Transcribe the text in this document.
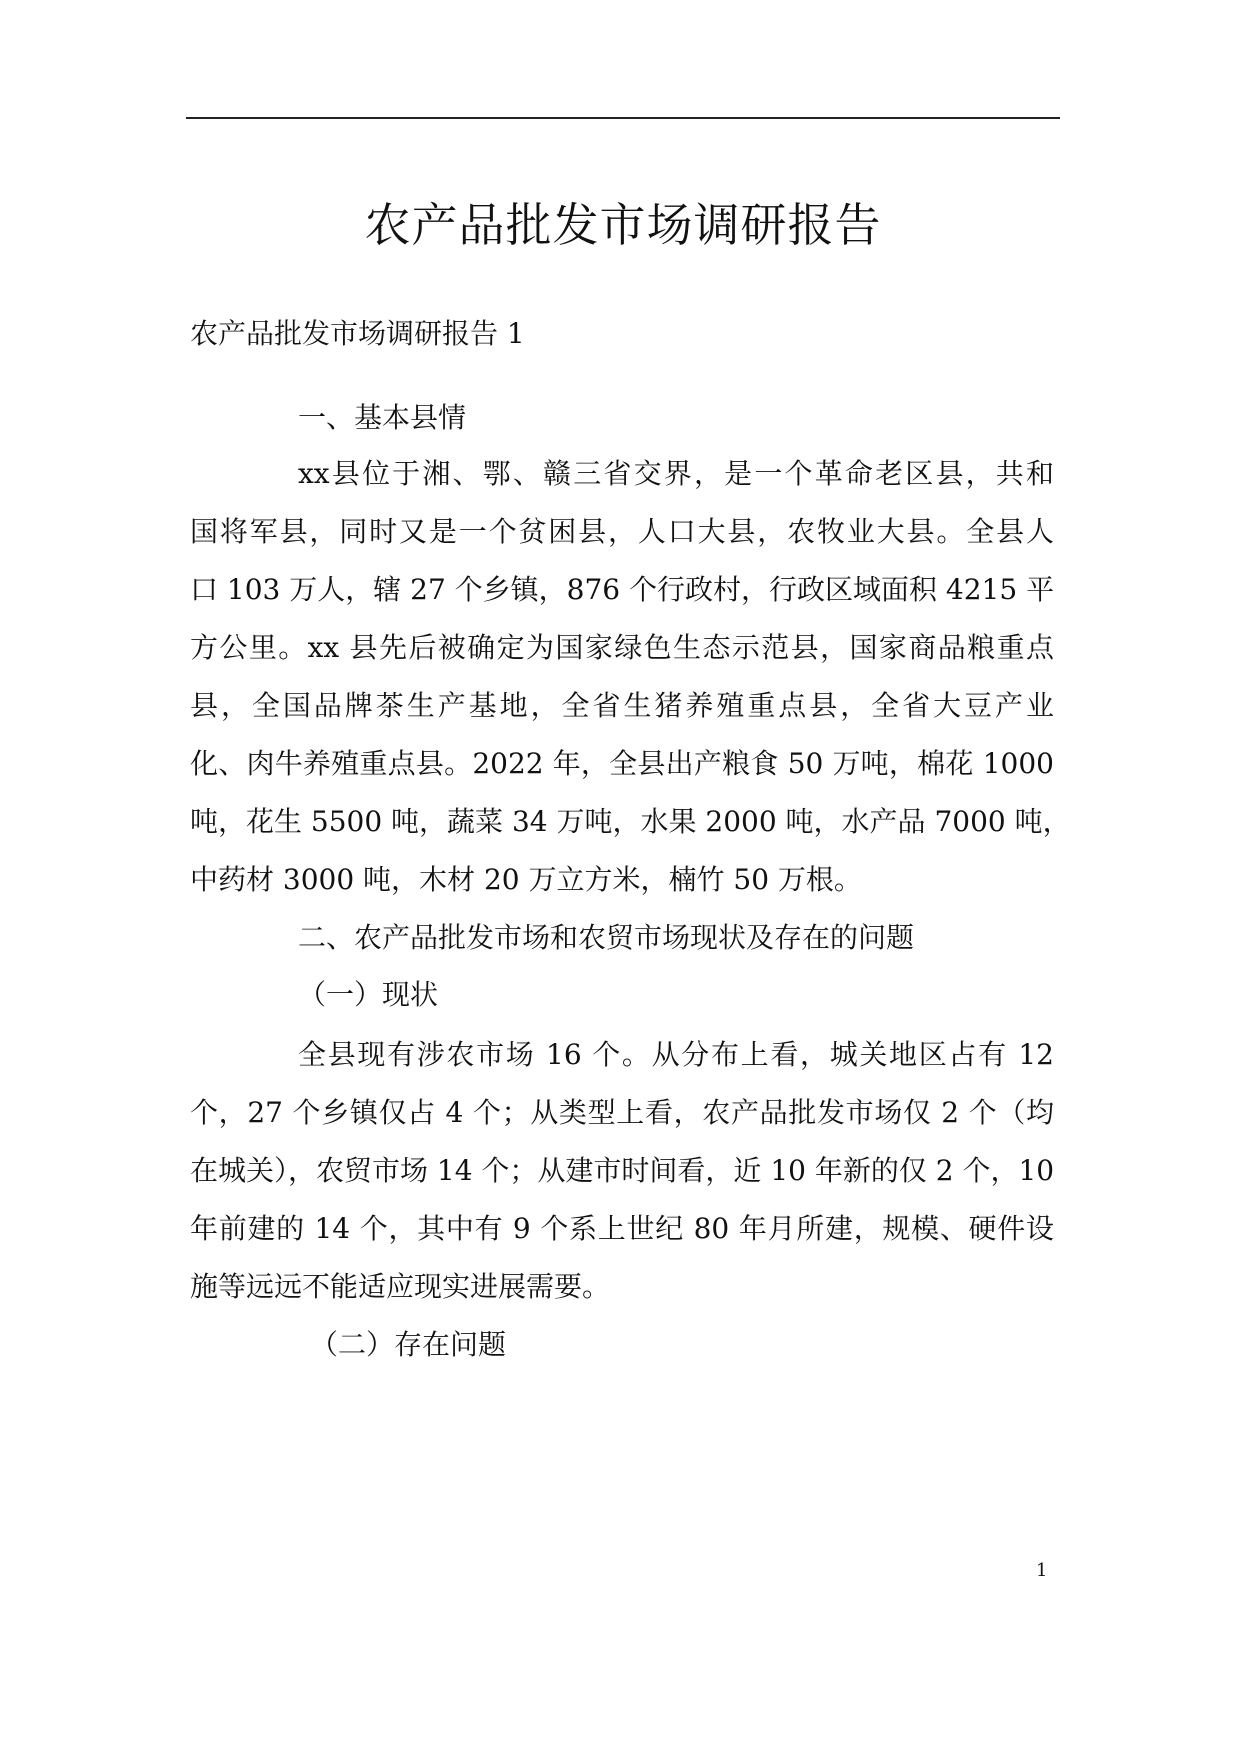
农产品批发市场调研报告

农产品批发市场调研报告 1

一、基本县情

xx县位于湘、鄂、赣三省交界，是一个革命老区县，共和

国将军县，同时又是一个贫困县，人口大县，农牧业大县。全县人

口 103 万人，辖 27 个乡镇，876 个行政村，行政区域面积 4215 平

方公里。xx 县先后被确定为国家绿色生态示范县，国家商品粮重点

县，全国品牌茶生产基地，全省生猪养殖重点县，全省大豆产业

化、肉牛养殖重点县。2022 年，全县出产粮食 50 万吨，棉花 1000

吨，花生 5500 吨，蔬菜 34 万吨，水果 2000 吨，水产品 7000 吨，

中药材 3000 吨，木材 20 万立方米，楠竹 50 万根。

二、农产品批发市场和农贸市场现状及存在的问题

（一）现状

全县现有涉农市场 16 个。从分布上看，城关地区占有 12

个，27 个乡镇仅占 4 个；从类型上看，农产品批发市场仅 2 个（均

在城关），农贸市场 14 个；从建市时间看，近 10 年新的仅 2 个，10

年前建的 14 个，其中有 9 个系上世纪 80 年月所建，规模、硬件设

施等远远不能适应现实进展需要。

（二）存在问题

1
